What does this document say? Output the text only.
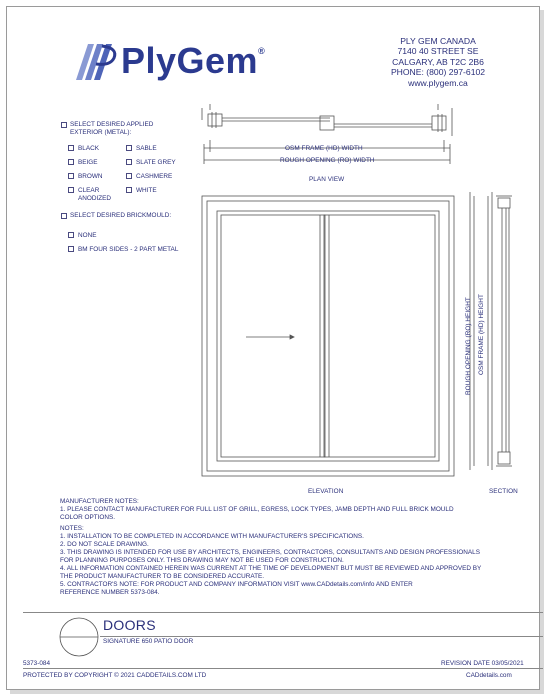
PlyGem®
PLY GEM CANADA
7140 40 STREET SE
CALGARY, AB T2C 2B6
PHONE: (800) 297-6102
www.plygem.ca
SELECT DESIRED APPLIED
EXTERIOR (METAL):
BLACK
BEIGE
BROWN
CLEAR
ANODIZED
SABLE
SLATE GREY
CASHMERE
WHITE
SELECT DESIRED BRICKMOULD:
NONE
BM FOUR SIDES - 2 PART METAL
OSM FRAME (HD) WIDTH
ROUGH OPENING (RO) WIDTH
PLAN VIEW
ELEVATION
ROUGH OPENING (RO) HEIGHT OSM FRAME (HD) HEIGHT
SECTION
MANUFACTURER NOTES:
1. PLEASE CONTACT MANUFACTURER FOR FULL LIST OF GRILL, EGRESS, LOCK TYPES, JAMB DEPTH AND FULL BRICK MOULD
COLOR OPTIONS.
NOTES:
1. INSTALLATION TO BE COMPLETED IN ACCORDANCE WITH MANUFACTURER'S SPECIFICATIONS.
2. DO NOT SCALE DRAWING.
3. THIS DRAWING IS INTENDED FOR USE BY ARCHITECTS, ENGINEERS, CONTRACTORS, CONSULTANTS AND DESIGN PROFESSIONALS
FOR PLANNING PURPOSES ONLY. THIS DRAWING MAY NOT BE USED FOR CONSTRUCTION.
4. ALL INFORMATION CONTAINED HEREIN WAS CURRENT AT THE TIME OF DEVELOPMENT BUT MUST BE REVIEWED AND APPROVED BY
THE PRODUCT MANUFACTURER TO BE CONSIDERED ACCURATE.
5. CONTRACTOR'S NOTE: FOR PRODUCT AND COMPANY INFORMATION VISIT www.CADdetails.com/info AND ENTER
REFERENCE NUMBER 5373-084.
DOORS
SIGNATURE 650 PATIO DOOR
5373-084	REVISION DATE 03/05/2021
PROTECTED BY COPYRIGHT © 2021 CADDETAILS.COM LTD	CADdetails.com
